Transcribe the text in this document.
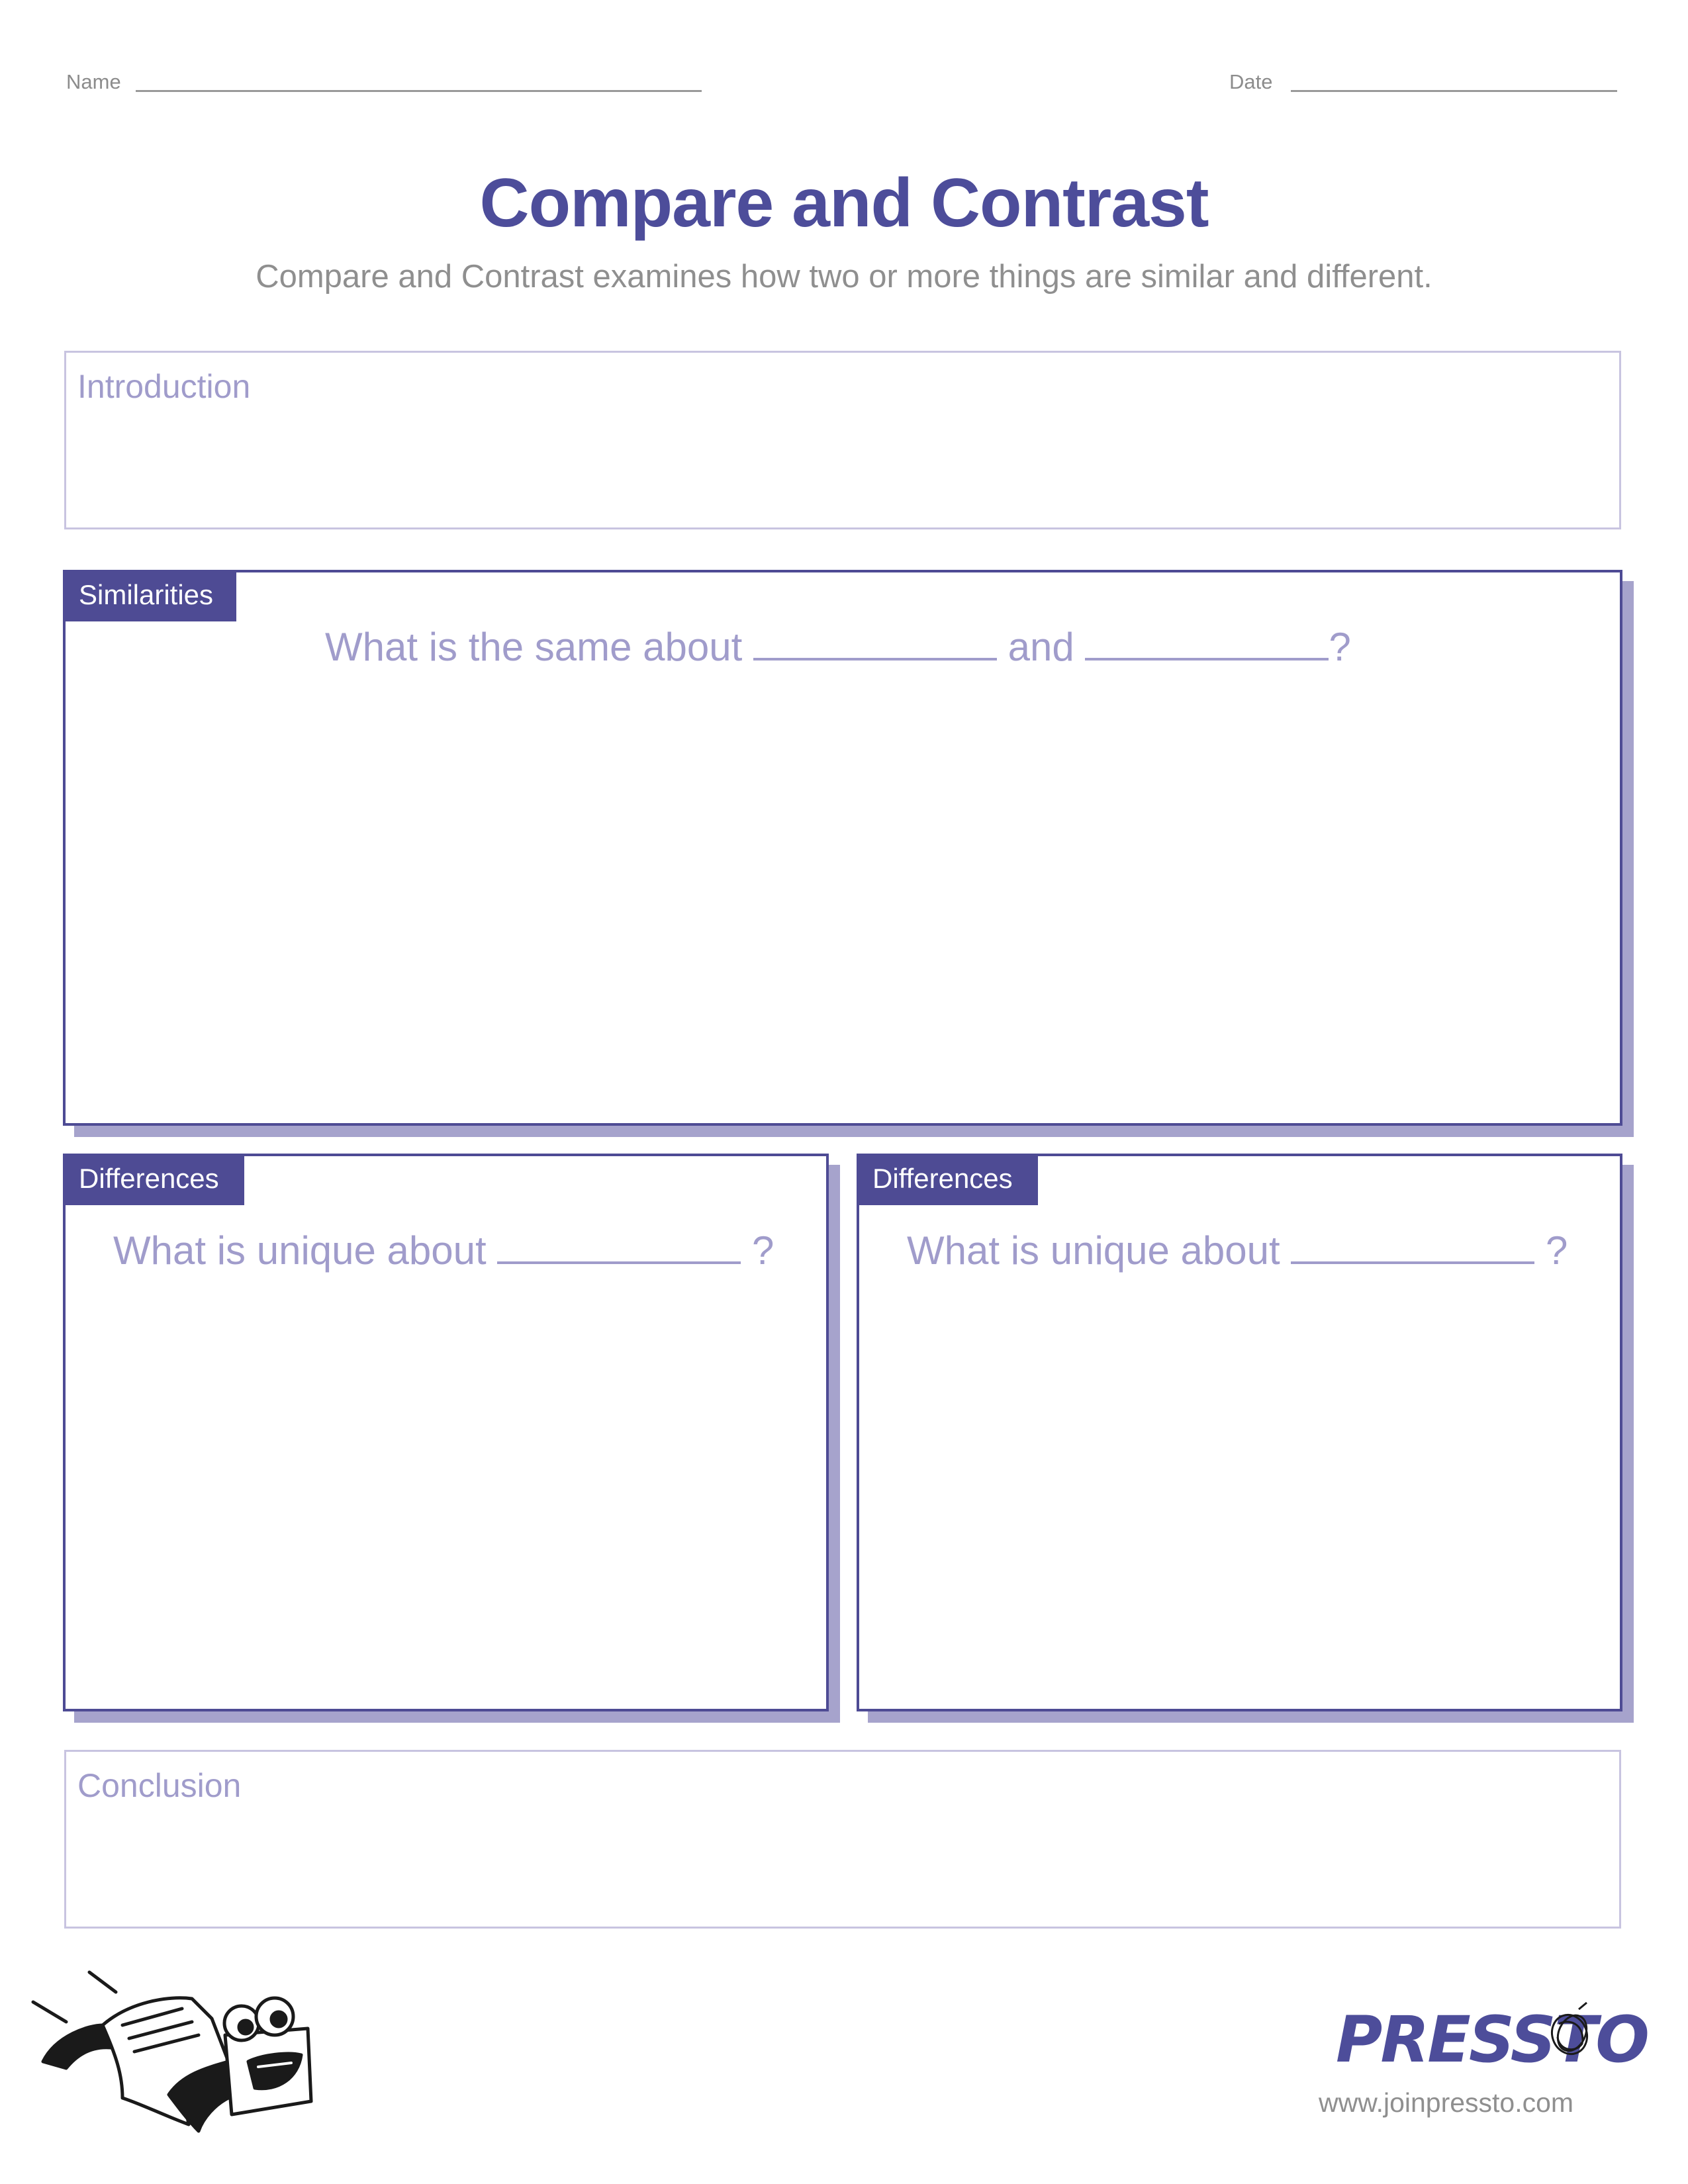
Name	Date
Compare and Contrast
Compare and Contrast examines how two or more things are similar and different.
Introduction
Similarities
What is the same about	and	?
Differences
What is unique about	?
Differences
What is unique about	?
Conclusion
PRESSTO
www.joinpressto.com
